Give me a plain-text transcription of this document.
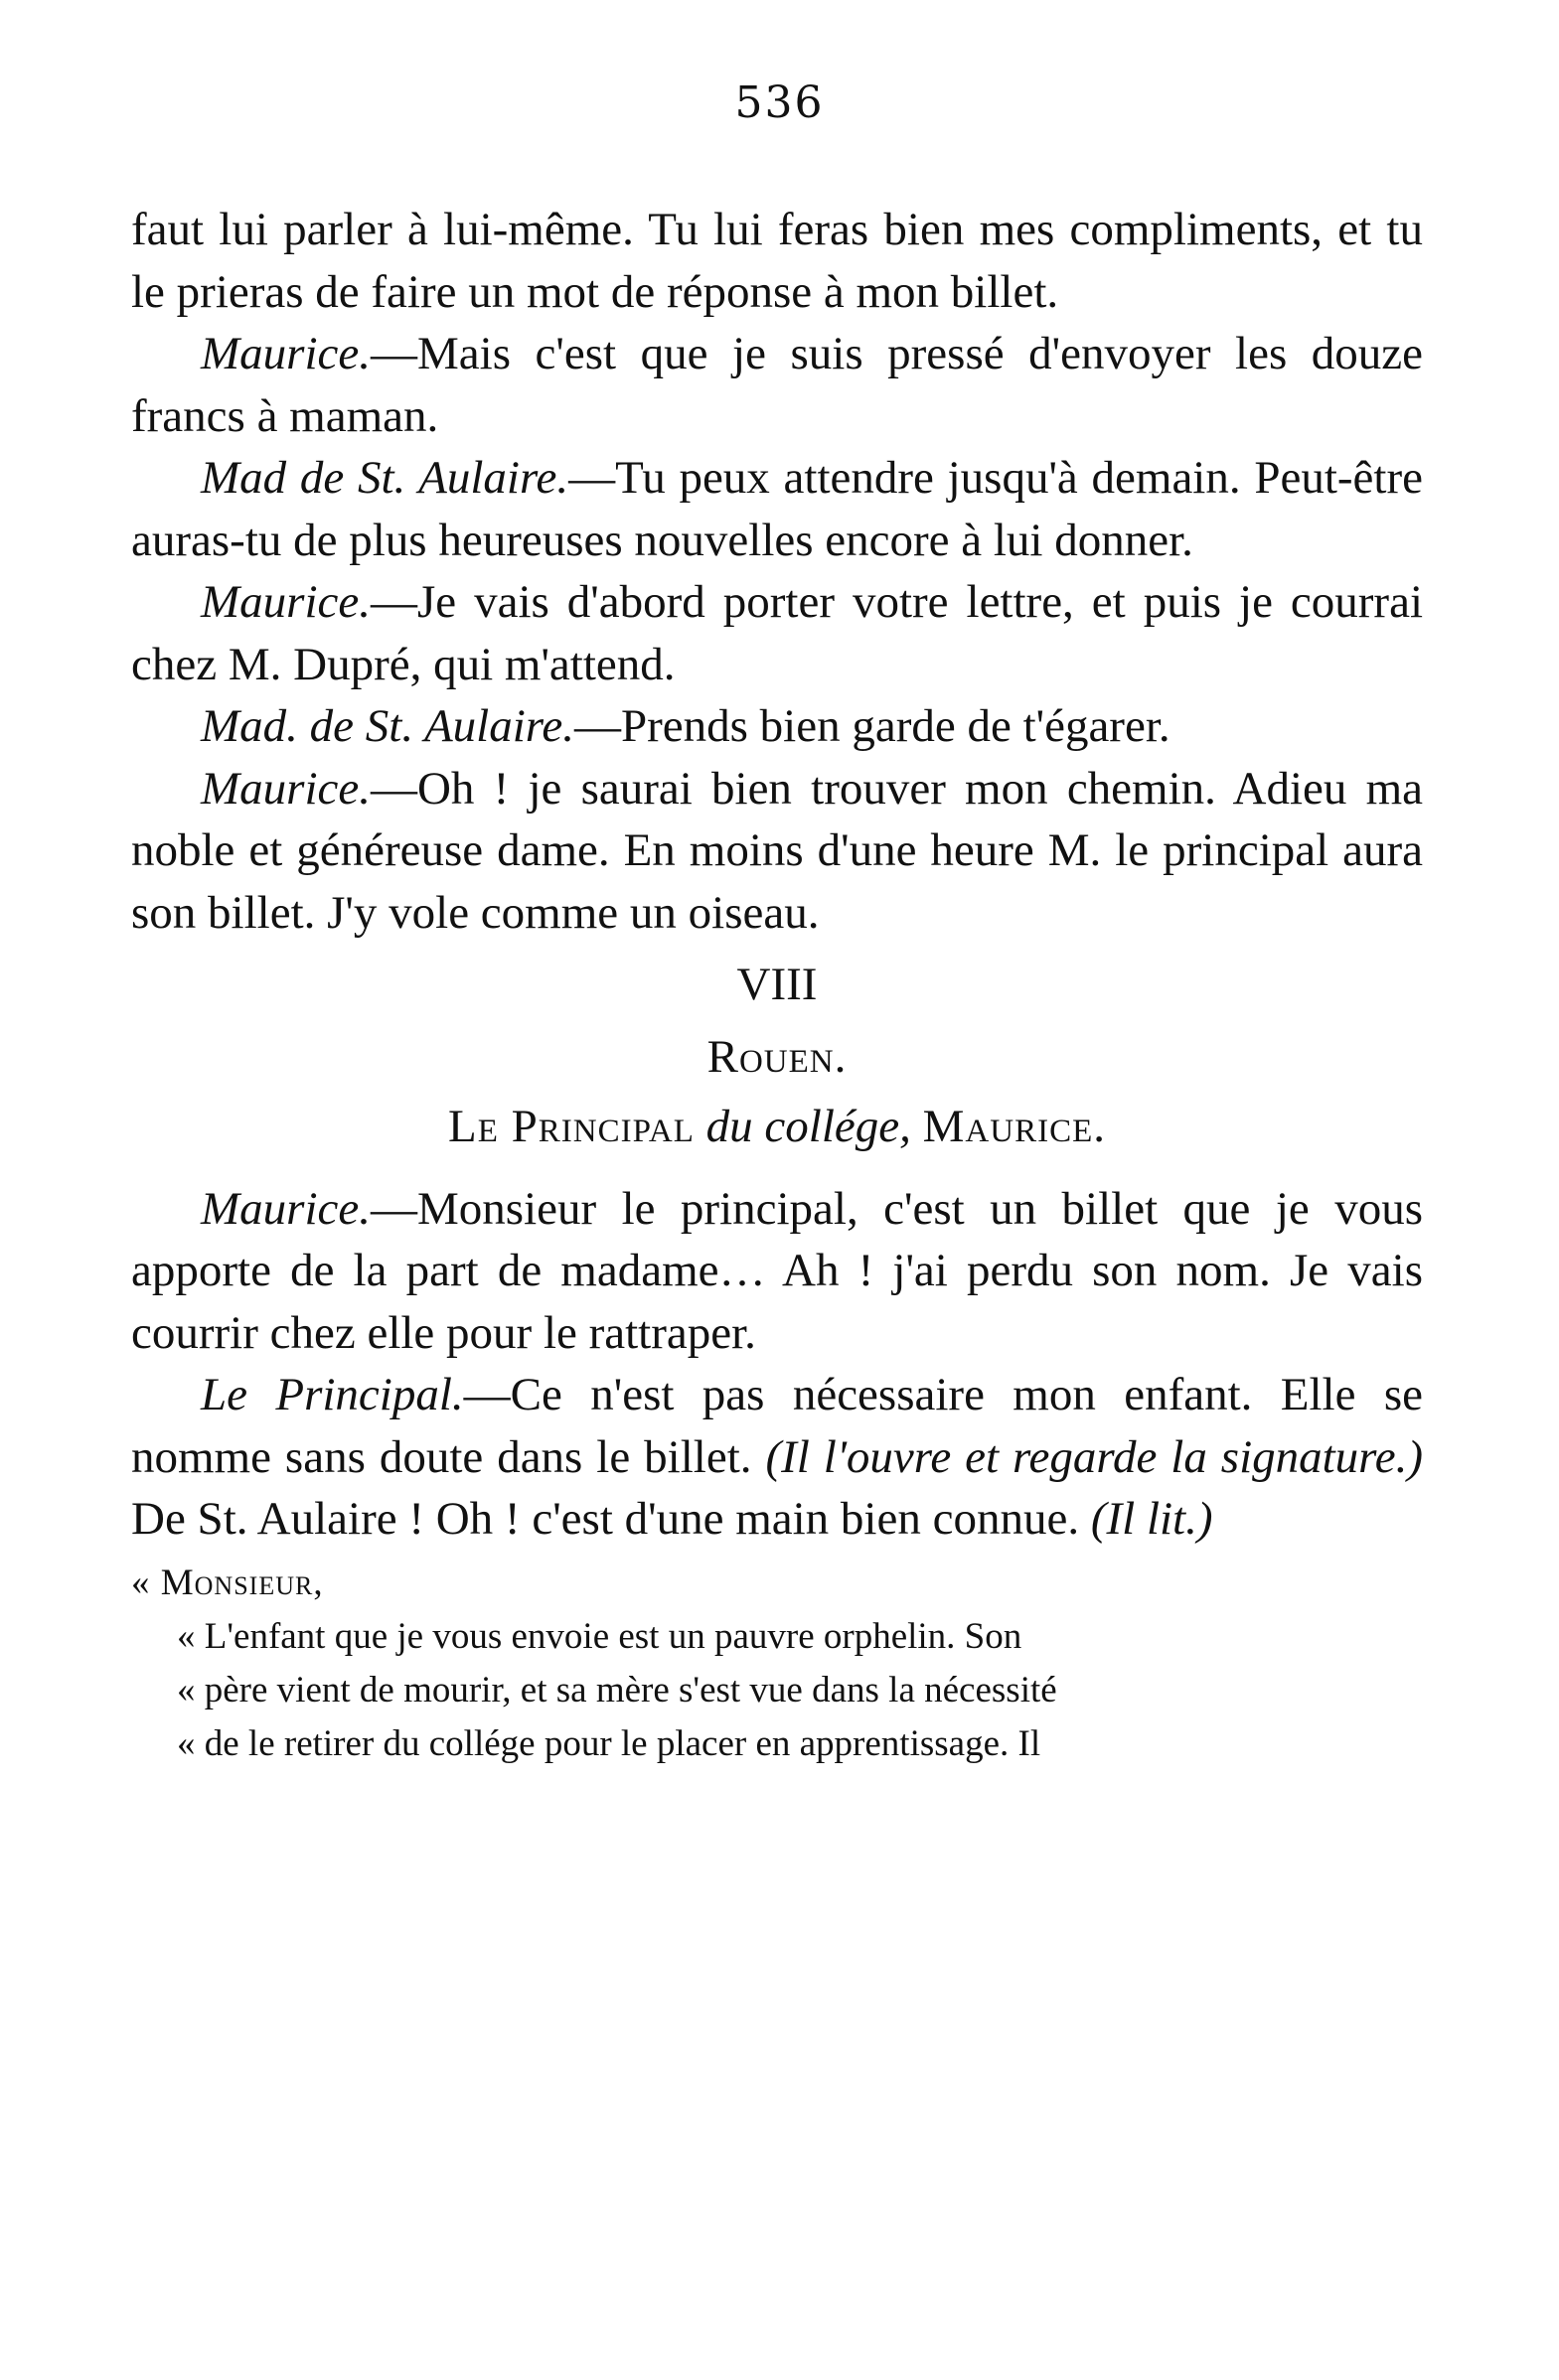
536

faut lui parler à lui-même. Tu lui feras bien mes compliments, et tu le prieras de faire un mot de réponse à mon billet.

Maurice.—Mais c'est que je suis pressé d'envoyer les douze francs à maman.

Mad de St. Aulaire.—Tu peux attendre jusqu'à demain. Peut-être auras-tu de plus heureuses nouvelles encore à lui donner.

Maurice.—Je vais d'abord porter votre lettre, et puis je courrai chez M. Dupré, qui m'attend.

Mad. de St. Aulaire.—Prends bien garde de t'égarer.

Maurice.—Oh ! je saurai bien trouver mon chemin. Adieu ma noble et généreuse dame. En moins d'une heure M. le principal aura son billet. J'y vole comme un oiseau.

VIII

Rouen.

Le Principal du collége, Maurice.

Maurice.—Monsieur le principal, c'est un billet que je vous apporte de la part de madame… Ah ! j'ai perdu son nom. Je vais courrir chez elle pour le rattraper.

Le Principal.—Ce n'est pas nécessaire mon enfant. Elle se nomme sans doute dans le billet. (Il l'ouvre et regarde la signature.) De St. Aulaire ! Oh ! c'est d'une main bien connue. (Il lit.)

« Monsieur,

« L'enfant que je vous envoie est un pauvre orphelin. Son

« père vient de mourir, et sa mère s'est vue dans la nécessité

« de le retirer du collége pour le placer en apprentissage. Il
